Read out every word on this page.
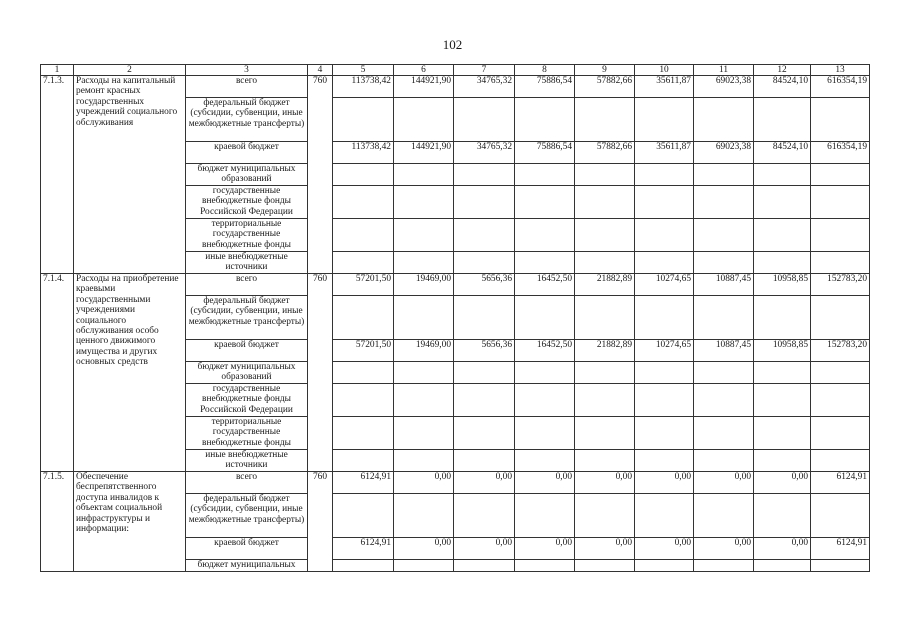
102
1	2	3	4	5	6	7	8	9	10	11	12	13
7.1.3.	Расходы на капитальный ремонт красных государственных учреждений социального обслуживания	всего	760	113738,42	144921,90	34765,32	75886,54	57882,66	35611,87	69023,38	84524,10	616354,19
		федеральный бюджет (субсидии, субвенции, иные межбюджетные трансферты)										
		краевой бюджет		113738,42	144921,90	34765,32	75886,54	57882,66	35611,87	69023,38	84524,10	616354,19
		бюджет муниципальных образований										
		государственные внебюджетные фонды Российской Федерации										
		территориальные государственные внебюджетные фонды										
		иные внебюджетные источники										
7.1.4.	Расходы на приобретение краевыми государственными учреждениями социального обслуживания особо ценного движимого имущества и других основных средств	всего	760	57201,50	19469,00	5656,36	16452,50	21882,89	10274,65	10887,45	10958,85	152783,20
		федеральный бюджет (субсидии, субвенции, иные межбюджетные трансферты)										
		краевой бюджет		57201,50	19469,00	5656,36	16452,50	21882,89	10274,65	10887,45	10958,85	152783,20
		бюджет муниципальных образований										
		государственные внебюджетные фонды Российской Федерации										
		территориальные государственные внебюджетные фонды										
		иные внебюджетные источники										
7.1.5.	Обеспечение беспрепятственного доступа инвалидов к объектам социальной инфраструктуры и информации:	всего	760	6124,91	0,00	0,00	0,00	0,00	0,00	0,00	0,00	6124,91
		федеральный бюджет (субсидии, субвенции, иные межбюджетные трансферты)										
		краевой бюджет		6124,91	0,00	0,00	0,00	0,00	0,00	0,00	0,00	6124,91
		бюджет муниципальных										
